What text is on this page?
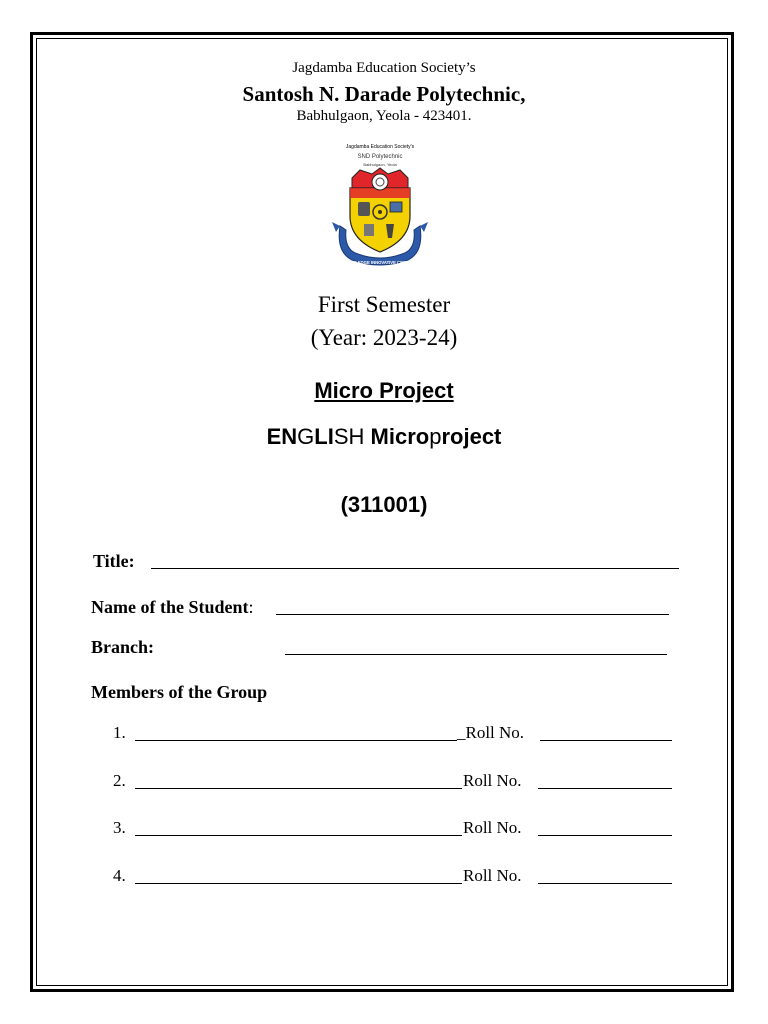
Jagdamba Education Society’s
Santosh N. Darade Polytechnic,
Babhulgaon, Yeola - 423401.
Jagdamba Education Society's
SND Polytechnic
Babhulgaon, Yeola
KNOWLEDGE INNOVATIVE CREATIVE
First Semester
(Year: 2023-24)
Micro Project
ENGLISH Microproject
(311001)
Title:
Name of the Student:
Branch:
Members of the Group
1.	_Roll No.
2.	Roll No.
3.	Roll No.
4.	Roll No.
